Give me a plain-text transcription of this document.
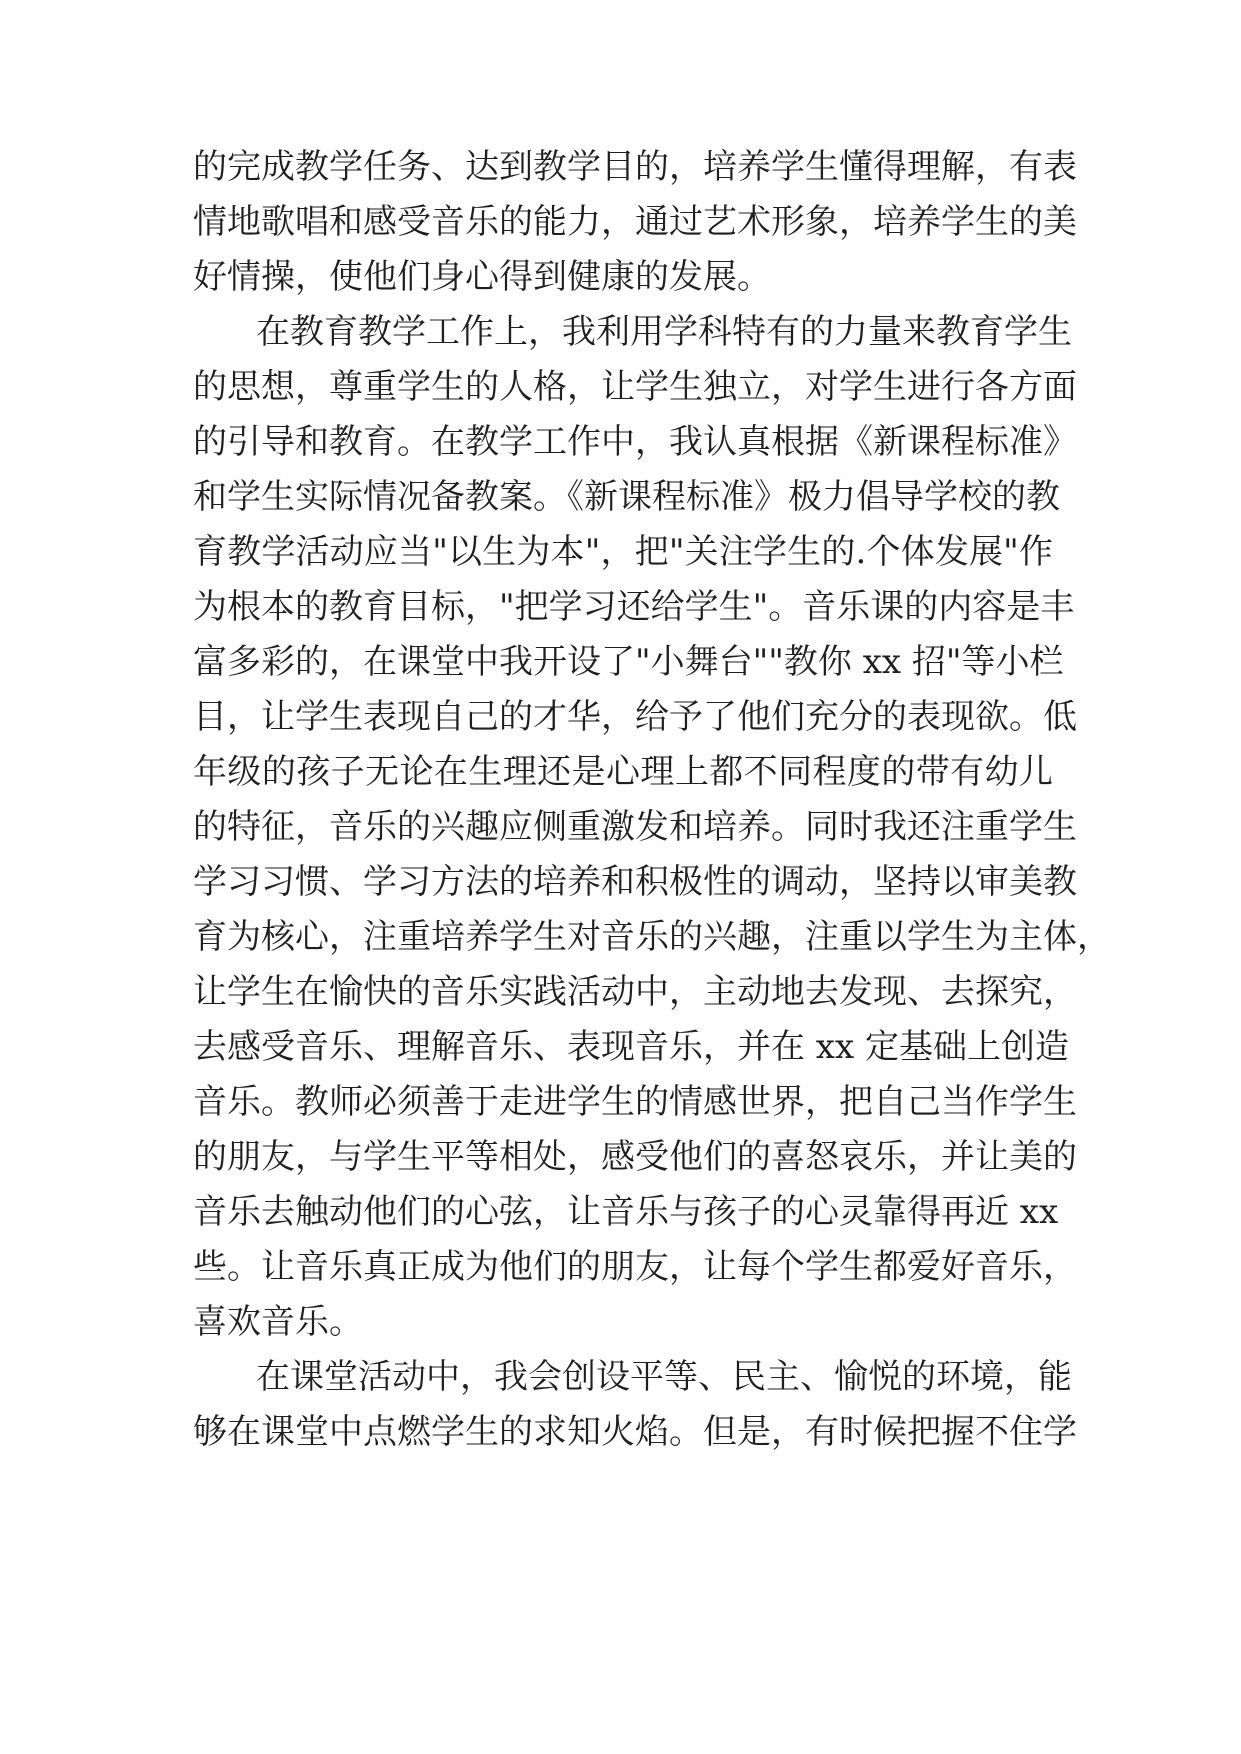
的完成教学任务、达到教学目的，培养学生懂得理解，有表
情地歌唱和感受音乐的能力，通过艺术形象，培养学生的美
好情操，使他们身心得到健康的发展。
在教育教学工作上，我利用学科特有的力量来教育学生
的思想，尊重学生的人格，让学生独立，对学生进行各方面
的引导和教育。在教学工作中，我认真根据《新课程标准》
和学生实际情况备教案。《新课程标准》极力倡导学校的教
育教学活动应当"以生为本"，把"关注学生的.个体发展"作
为根本的教育目标，"把学习还给学生"。音乐课的内容是丰
富多彩的，在课堂中我开设了"小舞台""教你 xx 招"等小栏
目，让学生表现自己的才华，给予了他们充分的表现欲。低
年级的孩子无论在生理还是心理上都不同程度的带有幼儿
的特征，音乐的兴趣应侧重激发和培养。同时我还注重学生
学习习惯、学习方法的培养和积极性的调动，坚持以审美教
育为核心，注重培养学生对音乐的兴趣，注重以学生为主体，
让学生在愉快的音乐实践活动中，主动地去发现、去探究，
去感受音乐、理解音乐、表现音乐，并在 xx 定基础上创造
音乐。教师必须善于走进学生的情感世界，把自己当作学生
的朋友，与学生平等相处，感受他们的喜怒哀乐，并让美的
音乐去触动他们的心弦，让音乐与孩子的心灵靠得再近 xx
些。让音乐真正成为他们的朋友，让每个学生都爱好音乐，
喜欢音乐。
在课堂活动中，我会创设平等、民主、愉悦的环境，能
够在课堂中点燃学生的求知火焰。但是，有时候把握不住学
